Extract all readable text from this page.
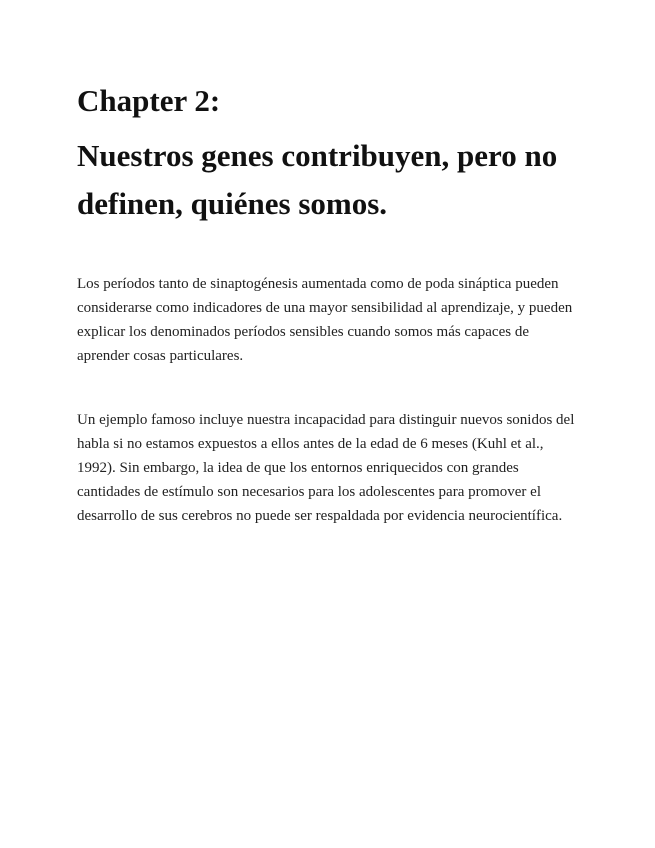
Chapter 2:
Nuestros genes contribuyen, pero no definen, quiénes somos.

Los períodos tanto de sinaptogénesis aumentada como de poda sináptica pueden considerarse como indicadores de una mayor sensibilidad al aprendizaje, y pueden explicar los denominados períodos sensibles cuando somos más capaces de aprender cosas particulares.

Un ejemplo famoso incluye nuestra incapacidad para distinguir nuevos sonidos del habla si no estamos expuestos a ellos antes de la edad de 6 meses (Kuhl et al., 1992). Sin embargo, la idea de que los entornos enriquecidos con grandes cantidades de estímulo son necesarios para los adolescentes para promover el desarrollo de sus cerebros no puede ser respaldada por evidencia neurocientífica.
